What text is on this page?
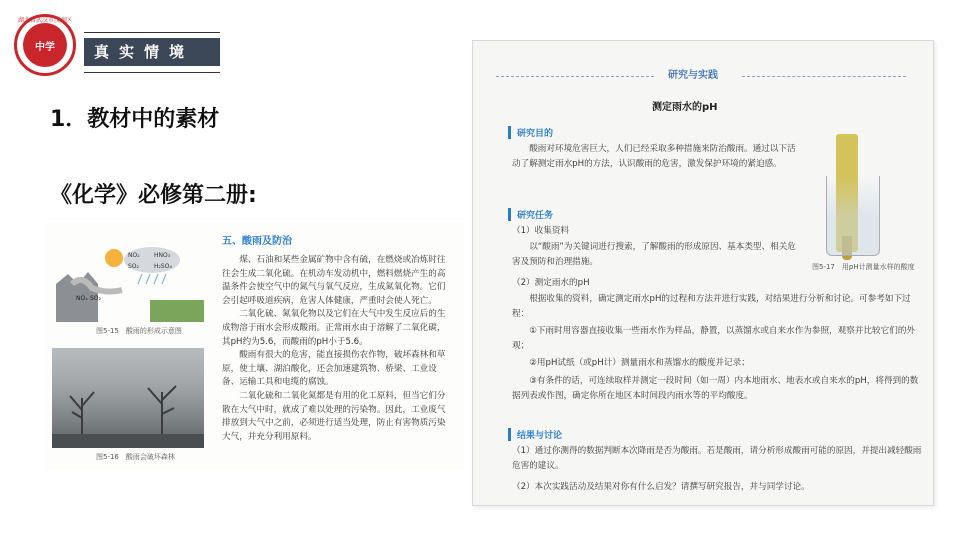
湖北省武汉市汉南区中学
中学	真实情境
1．教材中的素材
《化学》必修第二册:
NO₂ HNO₃
SO₂	H₂SO₄
NOₓ SO₂
图5-15　酸雨的形成示意图
图5-16　酸雨会破坏森林
五、酸雨及防治

煤、石油和某些金属矿物中含有硫，在燃烧或冶炼时往往会生成二氧化硫。在机动车发动机中，燃料燃烧产生的高温条件会使空气中的氮气与氧气反应，生成氮氧化物。它们会引起呼吸道疾病，危害人体健康，严重时会使人死亡。

二氧化硫、氮氧化物以及它们在大气中发生反应后的生成物溶于雨水会形成酸雨。正常雨水由于溶解了二氧化碳，其pH约为5.6，而酸雨的pH小于5.6。

酸雨有很大的危害，能直接损伤农作物，破坏森林和草原，使土壤、湖泊酸化，还会加速建筑物、桥梁、工业设备、运输工具和电缆的腐蚀。

二氧化硫和二氧化氮都是有用的化工原料，但当它们分散在大气中时，就成了难以处理的污染物。因此，工业废气排放到大气中之前，必须进行适当处理，防止有害物质污染大气，并充分利用原料。

研究与实践
测定雨水的pH
研究目的
酸雨对环境危害巨大，人们已经采取多种措施来防治酸雨。通过以下活动了解测定雨水pH的方法，认识酸雨的危害，激发保护环境的紧迫感。
研究任务
（1）收集资料
以“酸雨”为关键词进行搜索，了解酸雨的形成原因、基本类型、相关危害及预防和治理措施。
（2）测定雨水的pH
根据收集的资料，确定测定雨水pH的过程和方法并进行实践，对结果进行分析和讨论。可参考如下过程：
①下雨时用容器直接收集一些雨水作为样品，静置，以蒸馏水或自来水作为参照，观察并比较它们的外观；
②用pH试纸（或pH计）测量雨水和蒸馏水的酸度并记录；
③有条件的话，可连续取样并测定一段时间（如一周）内本地雨水、地表水或自来水的pH，将得到的数据列表或作图，确定你所在地区本时间段内雨水等的平均酸度。
图5-17　用pH计测量水样的酸度
结果与讨论
（1）通过你测得的数据判断本次降雨是否为酸雨。若是酸雨，请分析形成酸雨可能的原因，并提出减轻酸雨危害的建议。
（2）本次实践活动及结果对你有什么启发？请撰写研究报告，并与同学讨论。
